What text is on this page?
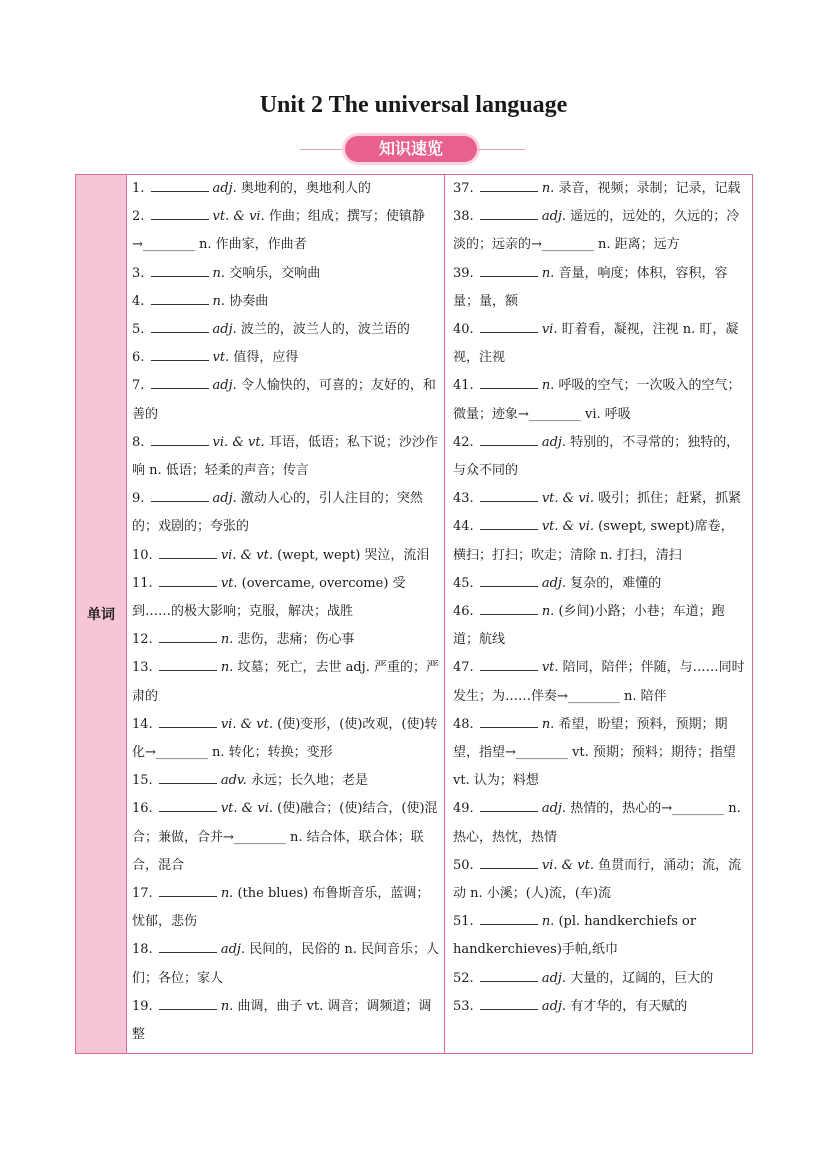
Unit 2 The universal language
知识速览
单词
1.	adj. 奥地利的，奥地利人的
2.	vt. & vi. 作曲；组成；撰写；使镇静→________ n. 作曲家，作曲者
3.	n. 交响乐，交响曲
4.	n. 协奏曲
5.	adj. 波兰的，波兰人的，波兰语的
6.	vt. 值得，应得
7.	adj. 令人愉快的，可喜的；友好的，和善的
8.	vi. & vt. 耳语，低语；私下说；沙沙作响 n. 低语；轻柔的声音；传言
9.	adj. 激动人心的，引人注目的；突然的；戏剧的；夸张的
10.	vi. & vt. (wept, wept) 哭泣，流泪
11.	vt. (overcame, overcome) 受到……的极大影响；克服，解决；战胜
12.	n. 悲伤，悲痛；伤心事
13.	n. 坟墓；死亡，去世 adj. 严重的；严肃的
14.	vi. & vt. (使)变形，(使)改观，(使)转化→________ n. 转化；转换；变形
15.	adv. 永远；长久地；老是
16.	vt. & vi. (使)融合；(使)结合，(使)混合；兼做，合并→________ n. 结合体，联合体；联合，混合
17.	n. (the blues) 布鲁斯音乐，蓝调；忧郁，悲伤
18.	adj. 民间的，民俗的 n. 民间音乐；人们；各位；家人
19.	n. 曲调，曲子 vt. 调音；调频道；调整
37.	n. 录音，视频；录制；记录，记载
38.	adj. 遥远的，远处的，久远的；冷淡的；远亲的→________ n. 距离；远方
39.	n. 音量，响度；体积，容积，容量；量，额
40.	vi. 盯着看，凝视，注视 n. 盯，凝视，注视
41.	n. 呼吸的空气；一次吸入的空气；微量；迹象→________ vi. 呼吸
42.	adj. 特别的，不寻常的；独特的，与众不同的
43.	vt. & vi. 吸引；抓住；赶紧，抓紧
44.	vt. & vi. (swept, swept)席卷，横扫；打扫；吹走；清除 n. 打扫，清扫
45.	adj. 复杂的，难懂的
46.	n. (乡间)小路；小巷；车道；跑道；航线
47.	vt. 陪同，陪伴；伴随，与……同时发生；为……伴奏→________ n. 陪伴
48.	n. 希望，盼望；预料，预期；期望，指望→________ vt. 预期；预料；期待；指望 vt. 认为；料想
49.	adj. 热情的，热心的→________ n. 热心，热忱，热情
50.	vi. & vt. 鱼贯而行，涌动；流，流动 n. 小溪；(人)流，(车)流
51.	n. (pl. handkerchiefs or handkerchieves)手帕,纸巾
52.	adj. 大量的，辽阔的，巨大的
53.	adj. 有才华的，有天赋的
